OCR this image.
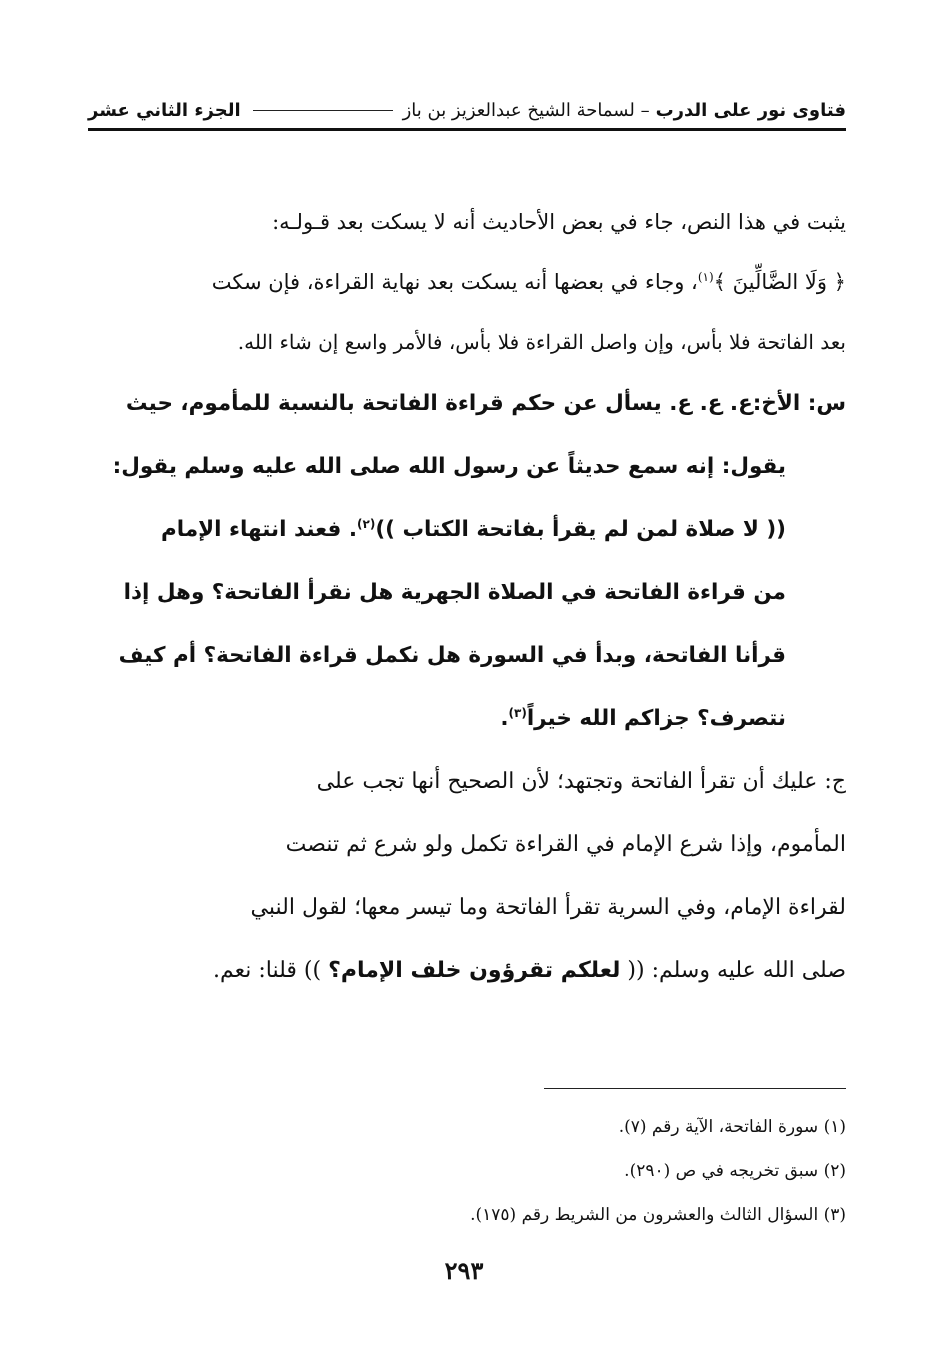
فتاوى نور على الدرب
– لسماحة الشيخ عبدالعزيز بن باز
الجزء الثاني عشر
يثبت في هذا النص، جاء في بعض الأحاديث أنه لا يسكت بعد قـولـه:
﴿ وَلَا الضَّالِّينَ ﴾$^{(١)}$، وجاء في بعضها أنه يسكت بعد نهاية القراءة، فإن سكت
بعد الفاتحة فلا بأس، وإن واصل القراءة فلا بأس، فالأمر واسع إن شاء الله.
س: الأخ:ع. ع. ع. يسأل عن حكم قراءة الفاتحة بالنسبة للمأموم، حيث
يقول: إنه سمع حديثاً عن رسول الله صلى الله عليه وسلم يقول:
(( لا صلاة لمن لم يقرأ بفاتحة الكتاب ))$^{(٢)}$. فعند انتهاء الإمام
من قراءة الفاتحة في الصلاة الجهرية هل نقرأ الفاتحة؟ وهل إذا
قرأنا الفاتحة، وبدأ في السورة هل نكمل قراءة الفاتحة؟ أم كيف
نتصرف؟ جزاكم الله خيراً$^{(٣)}$.
ج: عليك أن تقرأ الفاتحة وتجتهد؛ لأن الصحيح أنها تجب على
المأموم، وإذا شرع الإمام في القراءة تكمل ولو شرع ثم تنصت
لقراءة الإمام، وفي السرية تقرأ الفاتحة وما تيسر معها؛ لقول النبي
صلى الله عليه وسلم: (( لعلكم تقرؤون خلف الإمام؟ )) قلنا: نعم.

(١) سورة الفاتحة، الآية رقم (٧).

(٢) سبق تخريجه في ص (٢٩٠).

(٣) السؤال الثالث والعشرون من الشريط رقم (١٧٥).

٢٩٣
